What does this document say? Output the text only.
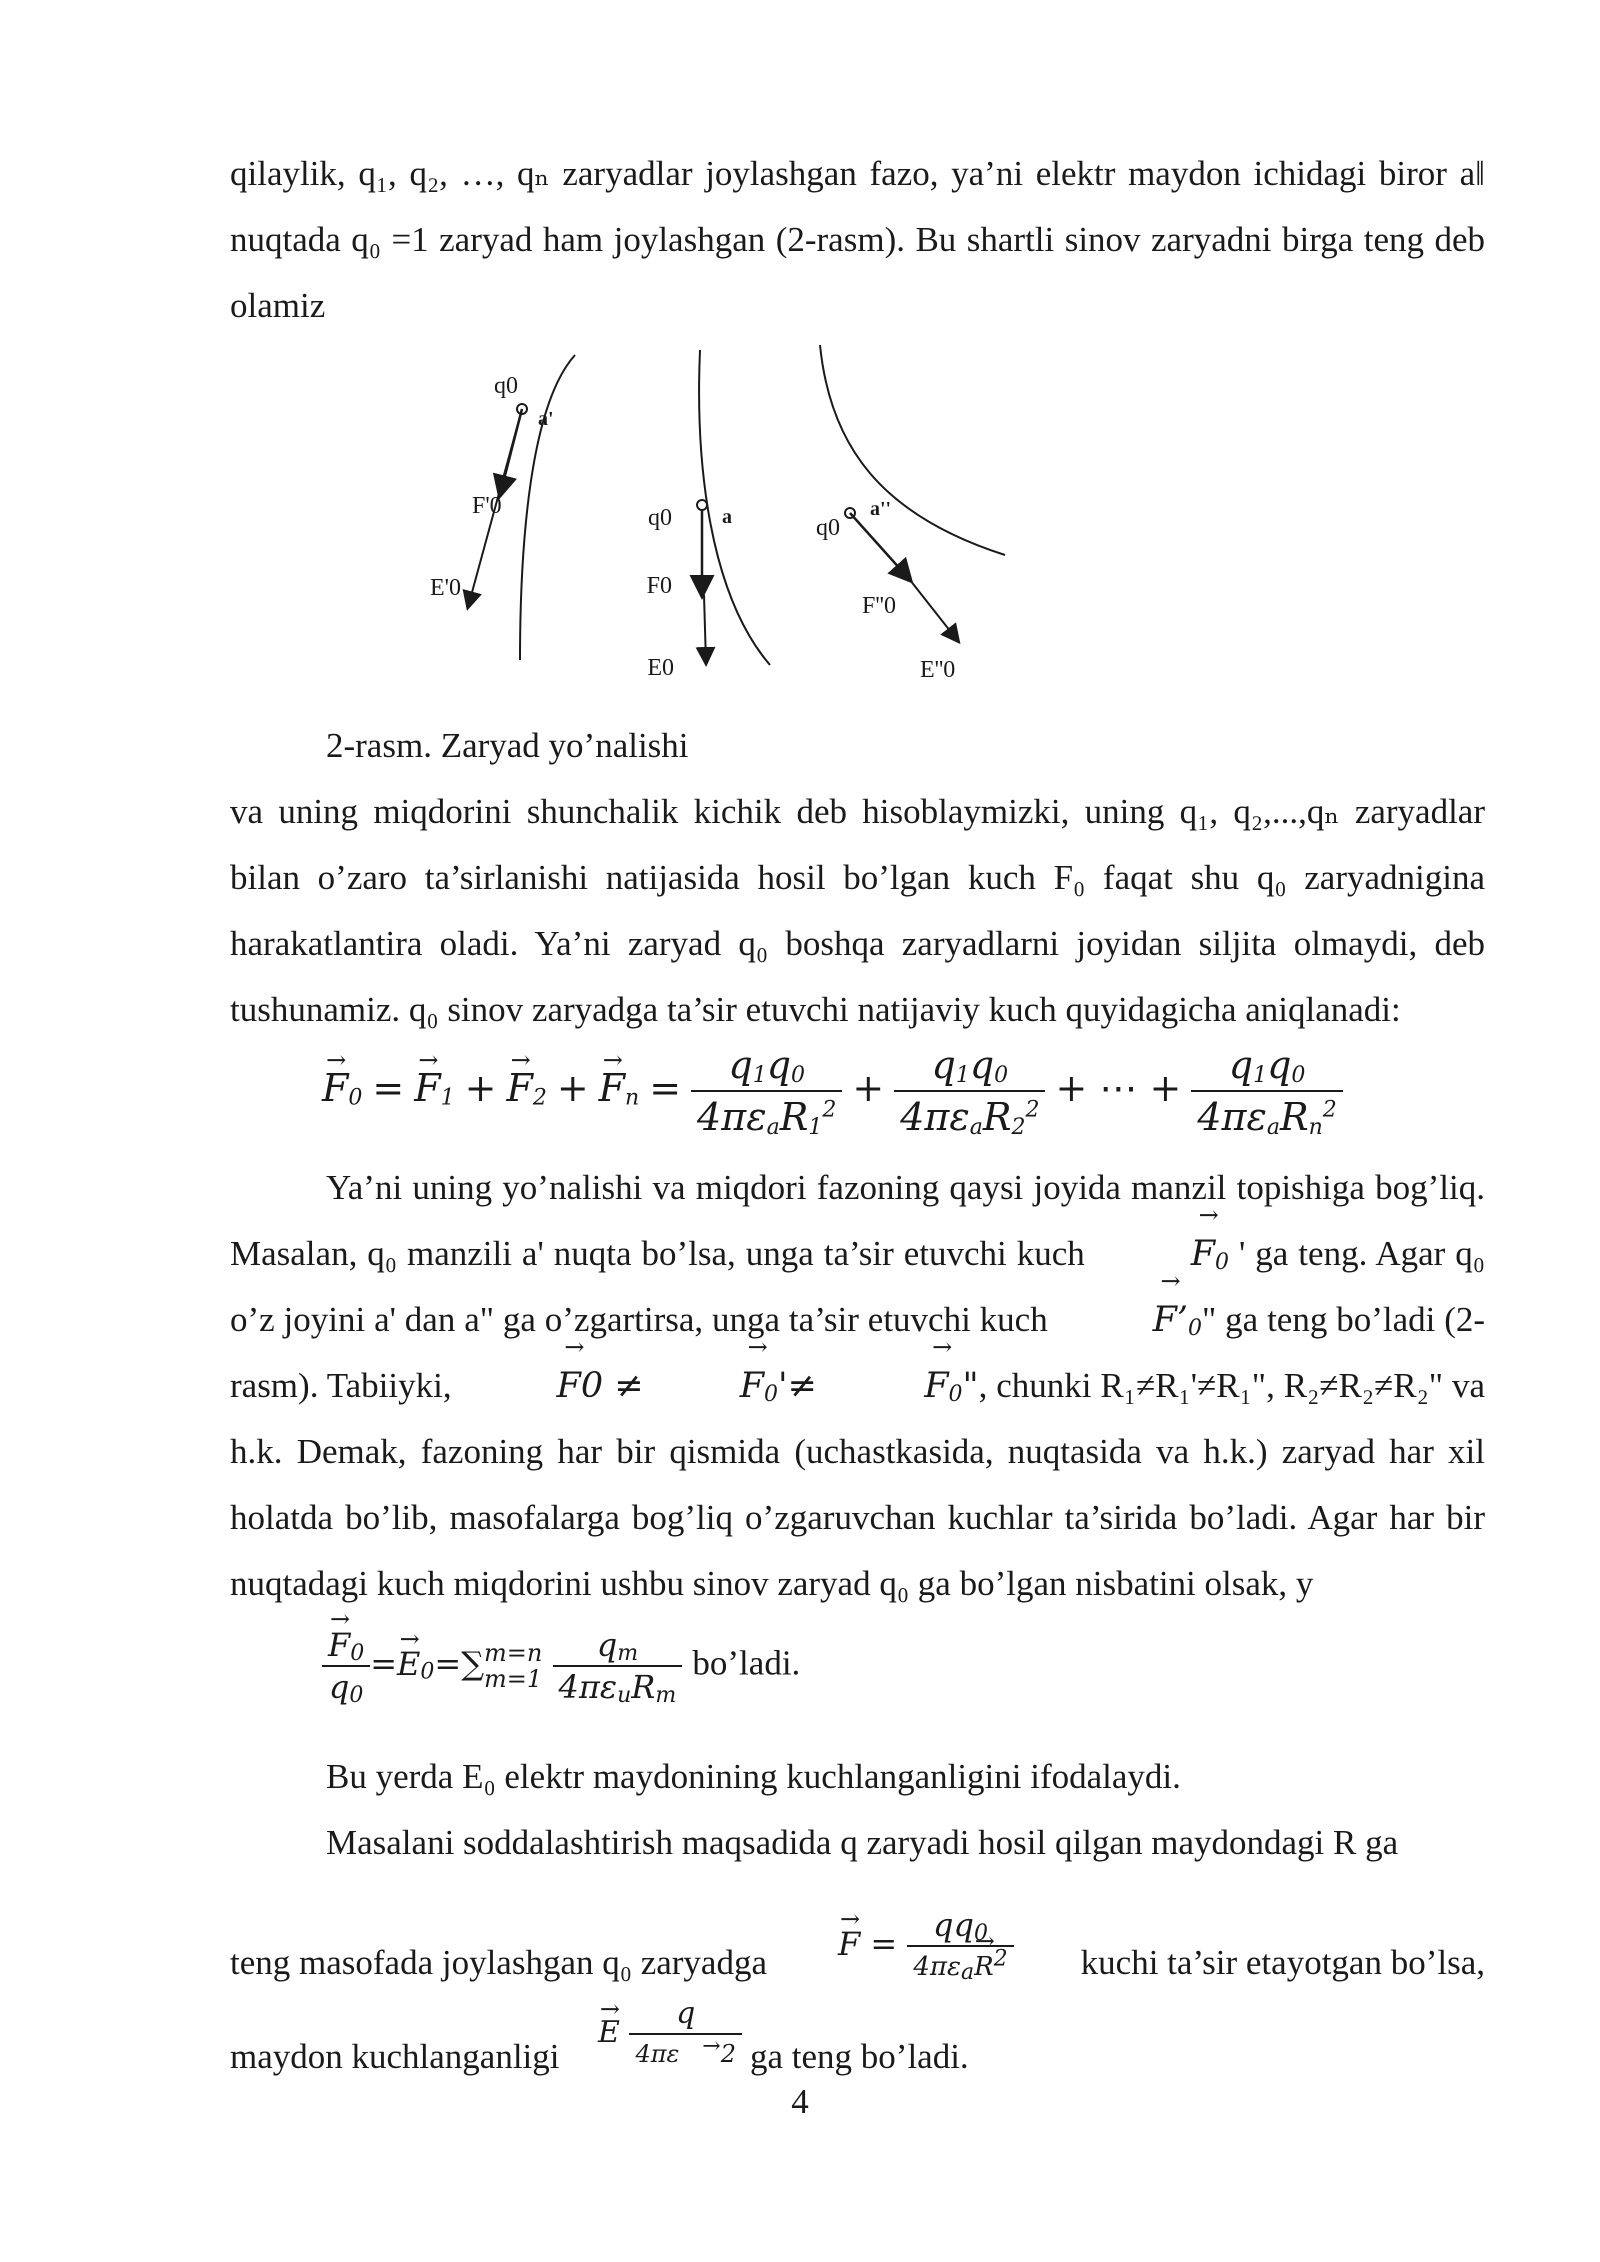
qilaylik, q₁, q₂, …, qₙ zaryadlar joylashgan fazo, ya’ni elektr maydon ichidagi biror a‖ nuqtada q₀ =1 zaryad ham joylashgan (2-rasm). Bu shartli sinov zaryadni birga teng deb olamiz

q0
a'
F'0
E'0
q0	a
F0
E0
q0
a''
F''0
E''0

2-rasm. Zaryad yo’nalishi

va uning miqdorini shunchalik kichik deb hisoblaymizki, uning q₁, q₂,...,qₙ zaryadlar bilan o’zaro ta’sirlanishi natijasida hosil bo’lgan kuch F₀ faqat shu q₀ zaryadnigina harakatlantira oladi. Ya’ni zaryad q₀ boshqa zaryadlarni joyidan siljita olmaydi, deb tushunamiz. q₀ sinov zaryadga ta’sir etuvchi natijaviy kuch quyidagicha aniqlanadi:

→ $F_0 =\to F_1 +\to F_2 +\to F_n = \frac{q_1q_0}{4\pi\varepsilon_aR_1^2} + \frac{q_1q_0}{4\pi\varepsilon_aR_2^2}$ + ⋯ + $\frac{q_1q_0}{4\pi\varepsilon_aR_n^2}$

Ya’ni uning yo’nalishi va miqdori fazoning qaysi joyida manzil topishiga bog’liq. Masalan, q₀ manzili a' nuqta bo’lsa, unga ta’sir etuvchi kuch →	$F_0$ ' ga teng. Agar q₀ o’z joyini a' dan a" ga o’zgartirsa, unga ta’sir etuvchi kuch →	$F’_0$" ga teng bo’ladi (2-rasm). Tabiiyki, →	F0 ≠→	$F_0'\ne$ →	$F_0$", chunki R₁≠R₁'≠R₁", R₂≠R₂≠R₂" va h.k. Demak, fazoning har bir qismida (uchastkasida, nuqtasida va h.k.) zaryad har xil holatda bo’lib, masofalarga bog’liq o’zgaruvchan kuchlar ta’sirida bo’ladi. Agar har bir nuqtadagi kuch miqdorini ushbu sinov zaryad q₀ ga bo’lgan nisbatini olsak, y

→ $\frac{F_0}{q_0} =\to E_0=\sum$ m=n
m=1
$\frac{q_m}{4\pi\varepsilon_uR_m}$ bo’ladi.

Bu yerda E₀ elektr maydonining kuchlanganligini ifodalaydi.

Masalani soddalashtirish maqsadida q zaryadi hosil qilgan maydondagi R ga

teng masofada joylashgan q₀ zaryadga
→ $F = \frac{qq_0}{4\pi\varepsilon_a\to R^2}$ kuchi ta’sir etayotgan bo’lsa,
maydon kuchlanganligi
→ E $\frac{q}{4\pi\varepsilon ^\to 2}$ ga teng bo’ladi.
4
